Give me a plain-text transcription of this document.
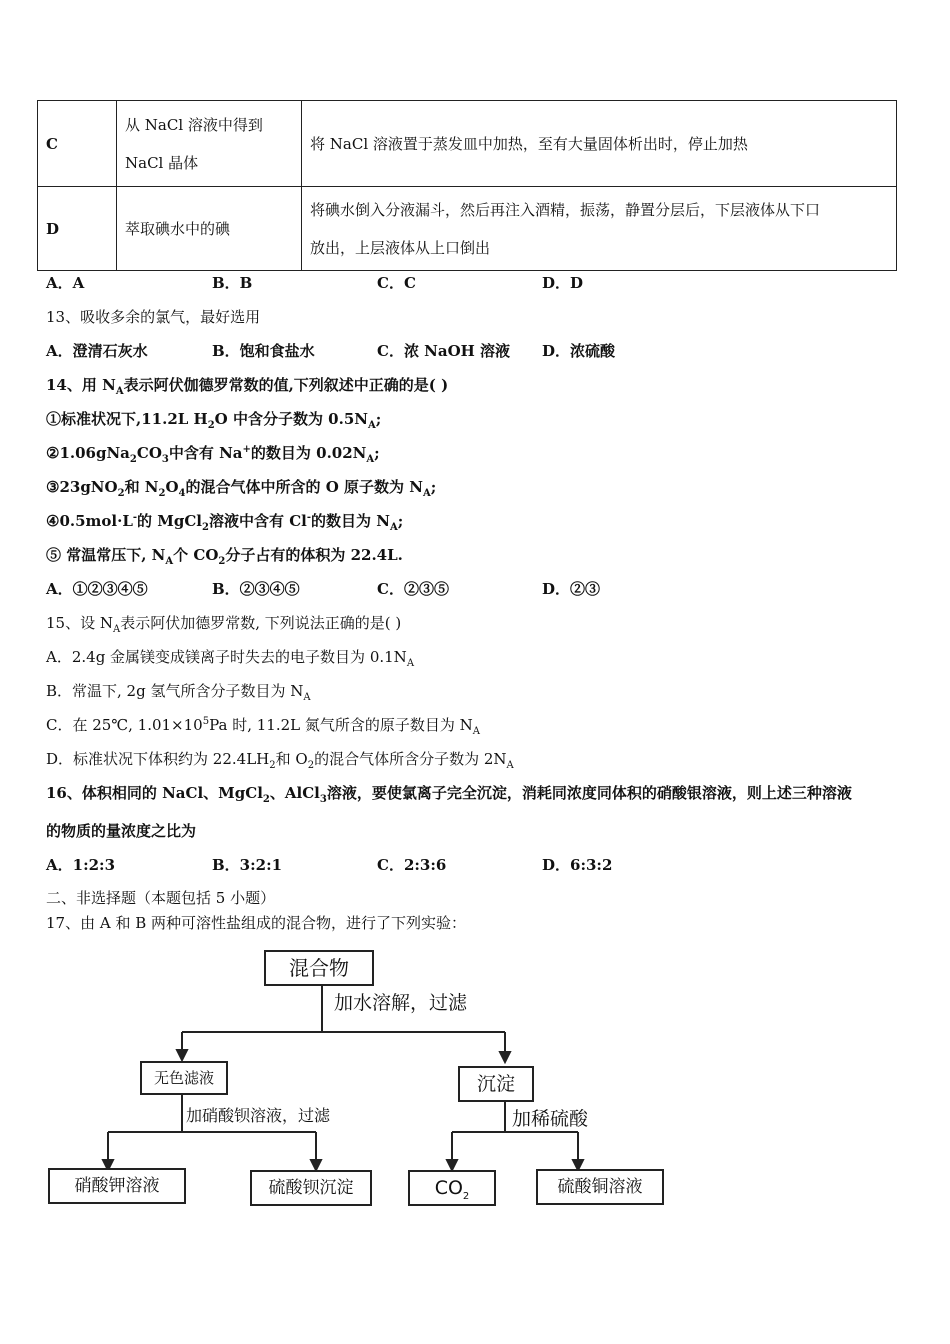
C	从 NaCl 溶液中得到
NaCl 晶体	将 NaCl 溶液置于蒸发皿中加热，至有大量固体析出时，停止加热

D	萃取碘水中的碘	将碘水倒入分液漏斗，然后再注入酒精，振荡，静置分层后，下层液体从下口
放出，上层液体从上口倒出
A．A	B．B	C．C	D．D
13、吸收多余的氯气，最好选用
A．澄清石灰水	B．饱和食盐水	C．浓 NaOH 溶液 D．浓硫酸
14、用 $N_A$表示阿伏伽德罗常数的值,下列叙述中正确的是( )
①标准状况下,11.2L $H_2O$ 中含分子数为 $0.5N_A$;
$②1.06gNa_2CO_3$中含有 Na+的数目为 $0.02N_A$;
③23gNO$_2$和 $N_2O_4$的混合气体中所含的 O 原子数为 $N_A$;
④0.5mol·L-的 MgCl$_2$溶液中含有 Cl-的数目为 $N_A$;
⑤ 常温常压下, $N_A$个 $CO_2$分子占有的体积为 22.4L.
A．①②③④⑤	B．②③④⑤	C．②③⑤	D．②③
15、设 $N_A$表示阿伏加德罗常数, 下列说法正确的是( )
A．2.4g 金属镁变成镁离子时失去的电子数目为 $0.1N_A$
B．常温下, 2g 氢气所含分子数目为 $N_A$
C．在 25℃, $1.01\times 10^5Pa$ 时, 11.2L 氮气所含的原子数目为 $N_A$
D．标准状况下体积约为 $22.4LH_2$和 $O_2$的混合气体所含分子数为 $2N_A$
16、体积相同的 NaCl、MgCl$_2$、AlCl$_3$溶液，要使氯离子完全沉淀，消耗同浓度同体积的硝酸银溶液，则上述三种溶液
的物质的量浓度之比为
A．1:2:3	B．3:2:1	C．2:3:6	D．6:3:2
二、非选择题（本题包括 5 小题）
17、由 A 和 B 两种可溶性盐组成的混合物，进行了下列实验：
混合物
加水溶解，过滤
无色滤液	沉淀
加硝酸钡溶液，过滤	加稀硫酸
硝酸钾溶液	硫酸钡沉淀	$CO_2$	硫酸铜溶液
